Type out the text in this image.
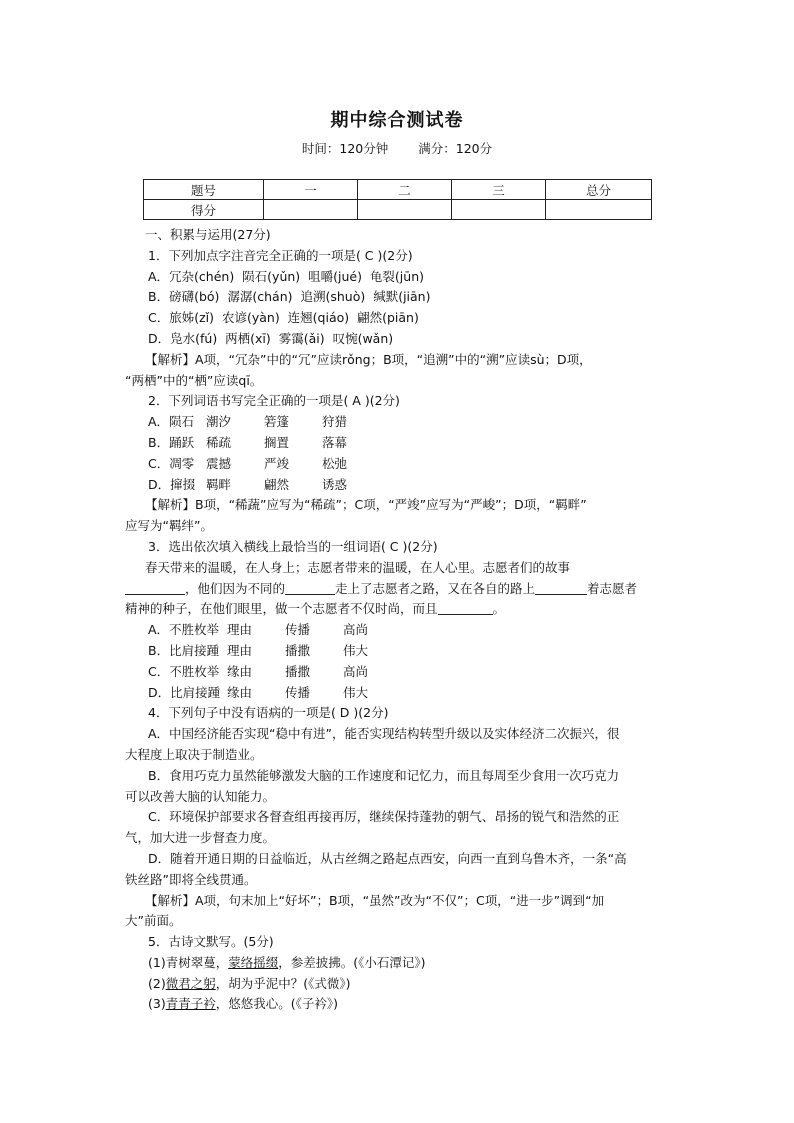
期中综合测试卷
时间：120分钟 满分：120分
题号	一	二	三	总分
得分				
一、积累与运用(27分)
1．下列加点字注音完全正确的一项是( C )(2分)
A．冗杂(chén) 陨石(yǔn) 咀嚼(jué) 龟裂(jūn)
B．磅礴(bó) 潺潺(chán) 追溯(shuò) 缄默(jiān)
C．旅姊(zǐ) 农谚(yàn) 连翘(qiáo) 翩然(piān)
D．凫水(fú) 两栖(xī) 雾霭(ǎi) 叹惋(wǎn)
【解析】A项，“冗杂”中的“冗”应读rǒng；B项，“追溯”中的“溯”应读sù；D项，
“两栖”中的“栖”应读qī。
2．下列词语书写完全正确的一项是( A )(2分)
A．陨石 潮汐	箬篷	狩猎
B．踊跃 稀疏	搁置	落幕
C．凋零 震撼	严竣	松弛
D．撺掇 羁畔	翩然	诱惑
【解析】B项，“稀蔬”应写为“稀疏”；C项，“严竣”应写为“严峻”；D项，“羁畔”
应写为“羁绊”。
3．选出依次填入横线上最恰当的一组词语( C )(2分)
春天带来的温暖，在人身上；志愿者带来的温暖，在人心里。志愿者们的故事
，他们因为不同的	走上了志愿者之路，又在各自的路上	着志愿者
精神的种子，在他们眼里，做一个志愿者不仅时尚，而且	。
A．不胜枚举 理由	传播	高尚
B．比肩接踵 理由	播撒	伟大
C．不胜枚举 缘由	播撒	高尚
D．比肩接踵 缘由	传播	伟大
4．下列句子中没有语病的一项是( D )(2分)
A．中国经济能否实现“稳中有进”，能否实现结构转型升级以及实体经济二次振兴，很
大程度上取决于制造业。
B．食用巧克力虽然能够激发大脑的工作速度和记忆力，而且每周至少食用一次巧克力
可以改善大脑的认知能力。
C．环境保护部要求各督查组再接再厉，继续保持蓬勃的朝气、昂扬的锐气和浩然的正
气，加大进一步督查力度。
D．随着开通日期的日益临近，从古丝绸之路起点西安，向西一直到乌鲁木齐，一条“高
铁丝路”即将全线贯通。
【解析】A项，句末加上“好坏”；B项，“虽然”改为“不仅”；C项，“进一步”调到“加
大”前面。
5．古诗文默写。(5分)
(1)青树翠蔓，蒙络摇缀，参差披拂。(《小石潭记》)
(2)微君之躬，胡为乎泥中？(《式微》)
(3)青青子衿，悠悠我心。(《子衿》)
